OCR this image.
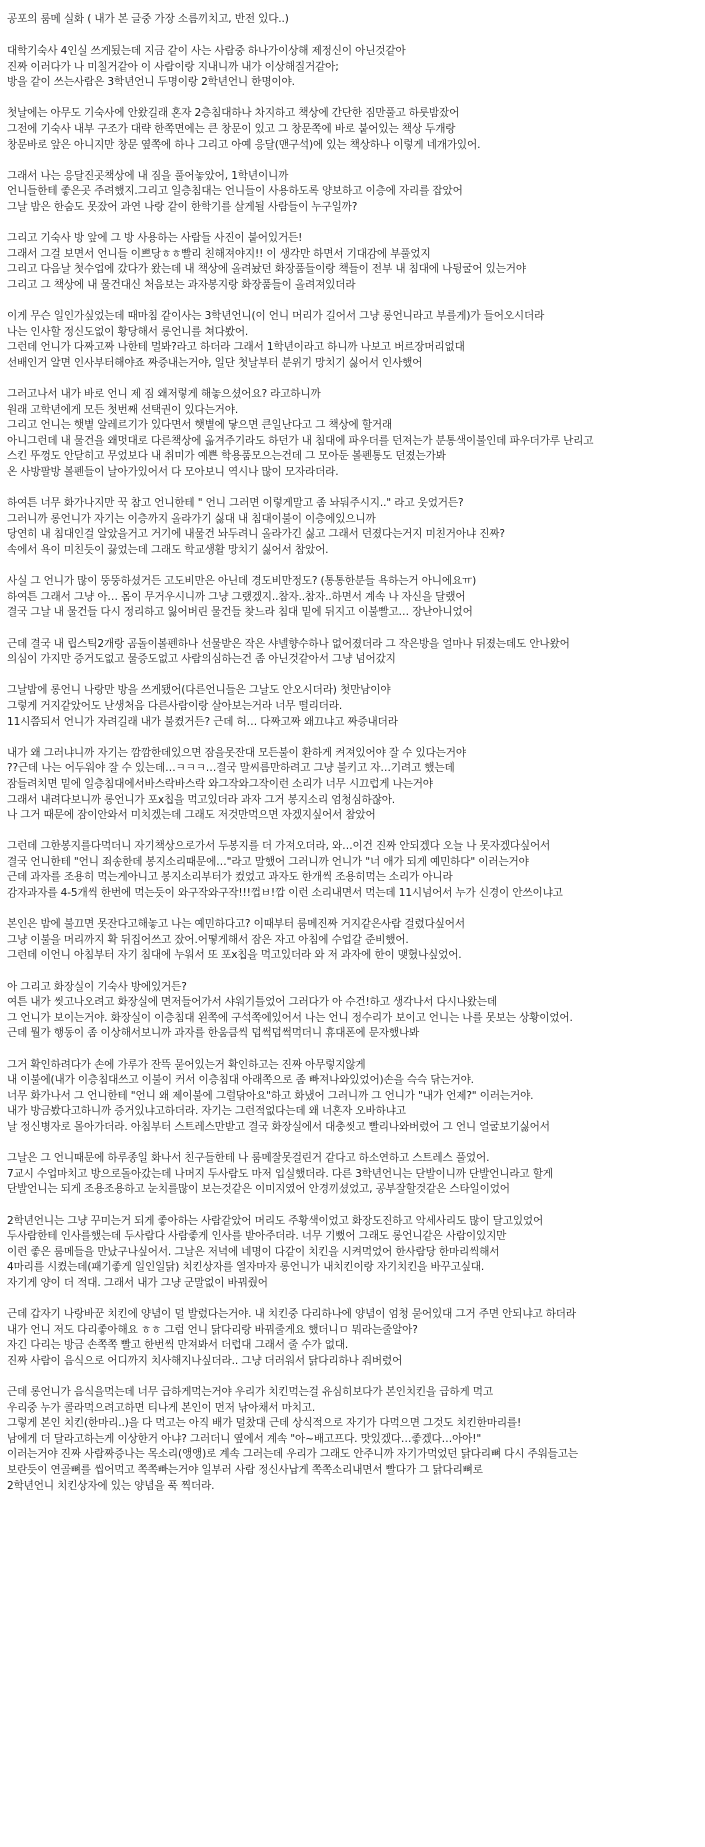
공포의 룸메 실화 ( 내가 본 글중 가장 소름끼치고, 반전 있다..)
대학기숙사 4인실 쓰게됬는데 지금 같이 사는 사람중 하나가이상해 제정신이 아닌것같아
진짜 이러다가 나 미칠거같아 이 사람이랑 지내니까 내가 이상해질거같아;
방을 같이 쓰는사람은 3학년언니 두명이랑 2학년언니 한명이야.
첫날에는 아무도 기숙사에 안왔길래 혼자 2층침대하나 차지하고 책상에 간단한 짐만풀고 하룻밤잤어
그전에 기숙사 내부 구조가 대략 한쪽면에는 큰 창문이 있고 그 창문쪽에 바로 붙어있는 책상 두개랑
창문바로 앞은 아니지만 창문 옆쪽에 하나 그리고 아예 응달(맨구석)에 있는 책상하나 이렇게 네개가있어.
그래서 나는 응달진곳책상에 내 짐을 풀어놓았어, 1학년이니까
언니들한테 좋은곳 주려했지.그리고 일층침대는 언니들이 사용하도록 양보하고 이층에 자리를 잡았어
그날 밤은 한숨도 못잤어 과연 나랑 같이 한학기를 살게될 사람들이 누구일까?
그리고 기숙사 방 앞에 그 방 사용하는 사람들 사진이 붙어있거든!
그래서 그걸 보면서 언니들 이쁘당ㅎㅎ빨리 친해져야지!! 이 생각만 하면서 기대감에 부풀었지
그리고 다음날 첫수업에 갔다가 왔는데 내 책상에 올려놨던 화장품들이랑 책들이 전부 내 침대에 나뒹굴어 있는거야
그리고 그 책상에 내 물건대신 처음보는 과자봉지랑 화장품들이 올려져있더라
이게 무슨 일인가싶었는데 때마침 같이사는 3학년언니(이 언니 머리가 길어서 그냥 롱언니라고 부를게)가 들어오시더라
나는 인사할 정신도없이 황당해서 롱언니를 쳐다봤어.
그런데 언니가 다짜고짜 나한테 멀봐?라고 하더라 그래서 1학년이라고 하니까 나보고 버르장머리없대
선배인거 알면 인사부터해야죠 짜증내는거야, 일단 첫날부터 분위기 망치기 싫어서 인사했어
그러고나서 내가 바로 언니 제 짐 왜저렇게 해놓으셨어요? 라고하니까
원래 고학년에게 모든 첫번째 선택권이 있다는거야.
그리고 언니는 햇볕 알레르기가 있다면서 햇볕에 닿으면 큰일난다고 그 책상에 할거래
아니그런데 내 물건을 왜멋대로 다른책상에 옮겨주기라도 하던가 내 침대에 파우더를 던져는가 분통색이불인데 파우더가루 난리고
스킨 뚜껑도 안닫히고 무었보다 내 취미가 예쁜 학용품모으는건데 그 모아둔 볼펜통도 던졌는가봐
온 사방팔방 볼펜들이 날아가있어서 다 모아보니 역시나 많이 모자라더라.
하여튼 너무 화가나지만 꾹 참고 언니한테 " 언니 그러면 이렇게말고 좀 놔둬주시지.." 라고 웃었거든?
그러니까 롱언니가 자기는 이층까지 올라가기 싫대 내 침대이불이 이층에있으니까
당연히 내 침대인걸 알았을거고 거기에 내물건 놔두려니 올라가긴 싫고 그래서 던졌다는거지 미친거아냐 진짜?
속에서 욕이 미친듯이 끓었는데 그래도 학교생활 망치기 싫어서 참았어.
사실 그 언니가 많이 뚱뚱하셨거든 고도비만은 아닌데 경도비만정도? (통통한분들 욕하는거 아니에요ㅠ)
하여튼 그래서 그냥 아… 몸이 무거우시니까 그냥 그랬겠지..참자..참자..하면서 계속 나 자신을 달랬어
결국 그날 내 물건들 다시 정리하고 잃어버린 물건들 찾느라 침대 밑에 뒤지고 이불빨고… 장난아니었어
근데 결국 내 립스틱2개랑 곰돌이볼펜하나 선물받은 작은 샤넬향수하나 없어졌더라 그 작은방을 얼마나 뒤졌는데도 안나왔어
의심이 가지만 증거도없고 물증도없고 사람의심하는건 좀 아닌것같아서 그냥 넘어갔지
그날밤에 롱언니 나랑만 방을 쓰게됐어(다른언니들은 그날도 안오시더라) 첫만남이야
그렇게 거지같았어도 난생처음 다른사람이랑 살아보는거라 너무 떨리더라.
11시쯤되서 언니가 자려길래 내가 불켰거든? 근데 허… 다짜고짜 왜끄냐고 짜증내더라
내가 왜 그러냐니까 자기는 깜깜한데있으면 잠을못잔대 모든불이 환하게 켜져있어야 잘 수 있다는거야
??근데 나는 어두워야 잘 수 있는데…ㅋㅋㅋ…결국 말씨름만하려고 그냥 불키고 자…기려고 했는데
잠들려치면 밑에 일층침대에서바스락바스락 와그작와그작이런 소리가 너무 시끄럽게 나는거야
그래서 내려다보니까 롱언니가 포x칩을 먹고있더라 과자 그거 봉지소리 엄청심하잖아.
나 그거 때문에 잠이안와서 미치겠는데 그래도 저것만먹으면 자겠지싶어서 참았어
그런데 그한봉지를다먹더니 자기책상으로가서 두봉지를 더 가져오더라, 와…이건 진짜 안되겠다 오늘 나 못자겠다싶어서
결국 언니한테 "언니 죄송한데 봉지소리때문에…"라고 말했어 그러니까 언니가 "너 애가 되게 예민하다" 이러는거야
근데 과자를 조용히 먹는게아니고 봉지소리부터가 컸었고 과자도 한개씩 조용히먹는 소리가 아니라
감자과자를 4-5개씩 한번에 먹는듯이 와구작와구작!!!껍ㅂ!깝 이런 소리내면서 먹는데 11시넘어서 누가 신경이 안쓰이냐고
본인은 밤에 불끄면 못잔다고해놓고 나는 예민하다고? 이때부터 룸메진짜 거지같은사람 걸렸다싶어서
그냥 이불을 머리까지 확 뒤집어쓰고 잤어.어떻게해서 잠은 자고 아침에 수업갈 준비했어.
그런데 이언니 아침부터 자기 침대에 누워서 또 포x칩을 먹고있더라 와 저 과자에 한이 맺혔나싶었어.
아 그리고 화장실이 기숙사 방에있거든?
여튼 내가 씻고나오려고 화장실에 면저들어가서 샤워기틀었어 그러다가 아 수건!하고 생각나서 다시나왔는데
그 언니가 보이는거야. 화장실이 이층침대 왼쪽에 구석쪽에있어서 나는 언니 정수리가 보이고 언니는 나를 못보는 상황이었어.
근데 뭘가 행동이 좀 이상해서보니까 과자를 한움큼씩 덥썩덥썩먹더니 휴대폰에 문자했나봐
그거 확인하려다가 손에 가루가 잔뜩 묻어있는거 확인하고는 진짜 아무렇지않게
내 이불에(내가 이층침대쓰고 이불이 커서 이층침대 아래쪽으로 좀 빠져나와있었어)손을 슥슥 닦는거야.
너무 화가나서 그 언니한테 "언니 왜 제이불에 그럴닦아요"하고 화냈어 그러니까 그 언니가 "내가 언제?" 이러는거야.
내가 방금봤다고하니까 증거있냐고하더라. 자기는 그런적없다는데 왜 너혼자 오바하냐고
날 정신병자로 몰아가더라. 아침부터 스트레스만받고 결국 화장실에서 대충씻고 빨리나와버렸어 그 언니 얼굴보기싫어서
그날은 그 언니때문에 하루종일 화나서 친구들한테 나 룸메잘못걸린거 같다고 하소연하고 스트레스 풀었어.
7교시 수업마치고 방으로돌아갔는데 나머지 두사람도 마저 입실했더라. 다른 3학년언니는 단발이니까 단발언니라고 할게
단발언니는 되게 조용조용하고 눈치를많이 보는것같은 이미지였어 안경끼셨었고, 공부잘할것같은 스타일이었어
2학년언니는 그냥 꾸미는거 되게 좋아하는 사람같았어 머리도 주황색이었고 화장도진하고 악세사리도 많이 달고있었어
두사람한테 인사를했는데 두사람다 사람좋게 인사를 받아주더라. 너무 기뻤어 그래도 롱언니같은 사람이있지만
이런 좋은 룸메들을 만났구나싶어서. 그날은 저녁에 네명이 다같이 치킨을 시켜먹었어 한사람당 한마리씩해서
4마리를 시켰는데(패기좋게 일인일닭) 치킨상자를 열자마자 롱언니가 내치킨이랑 자기치킨을 바꾸고싶대.
자기게 양이 더 적대. 그래서 내가 그냥 군말없이 바꿔줬어
근데 갑자기 나랑바꾼 치킨에 양념이 덜 발렸다는거야. 내 치킨중 다리하나에 양념이 엄청 묻어있대 그거 주면 안되냐고 하더라
내가 언니 저도 다리좋아해요 ㅎㅎ 그럼 언니 닭다리랑 바꿔줄게요 했더니ㅁ 뭐라는줄알아?
자긴 다리는 방금 손쪽쪽 빨고 한번씩 만져봐서 더럽대 그래서 줄 수가 없대.
진짜 사람이 음식으로 어디까지 치사해지나싶더라.. 그냥 더러워서 닭다리하나 줘버렸어
근데 롱언니가 음식을먹는데 너무 급하게먹는거야 우리가 치킨먹는걸 유심히보다가 본인치킨을 급하게 먹고
우리중 누가 콜라먹으려고하면 티나게 본인이 먼저 낚아채서 마치고.
그렇게 본인 치킨(한마리..)을 다 먹고는 아직 배가 덜찼대 근데 상식적으로 자기가 다먹으면 그것도 치킨한마리를!
남에게 더 달라고하는게 이상한거 아냐? 그러더니 옆에서 계속 "아~배고프다. 맛있겠다…좋겠다…아아!"
이러는거야 진짜 사람짜증나는 목소리(앵앵)로 계속 그러는데 우리가 그래도 안주니까 자기가먹었던 닭다리뼈 다시 주워들고는
보란듯이 연골뼈를 씹어먹고 쪽쪽빠는거야 일부러 사람 정신사납게 쪽쪽소리내면서 빨다가 그 닭다리뼈로
2학년언니 치킨상자에 있는 양념을 푹 찍더라.
